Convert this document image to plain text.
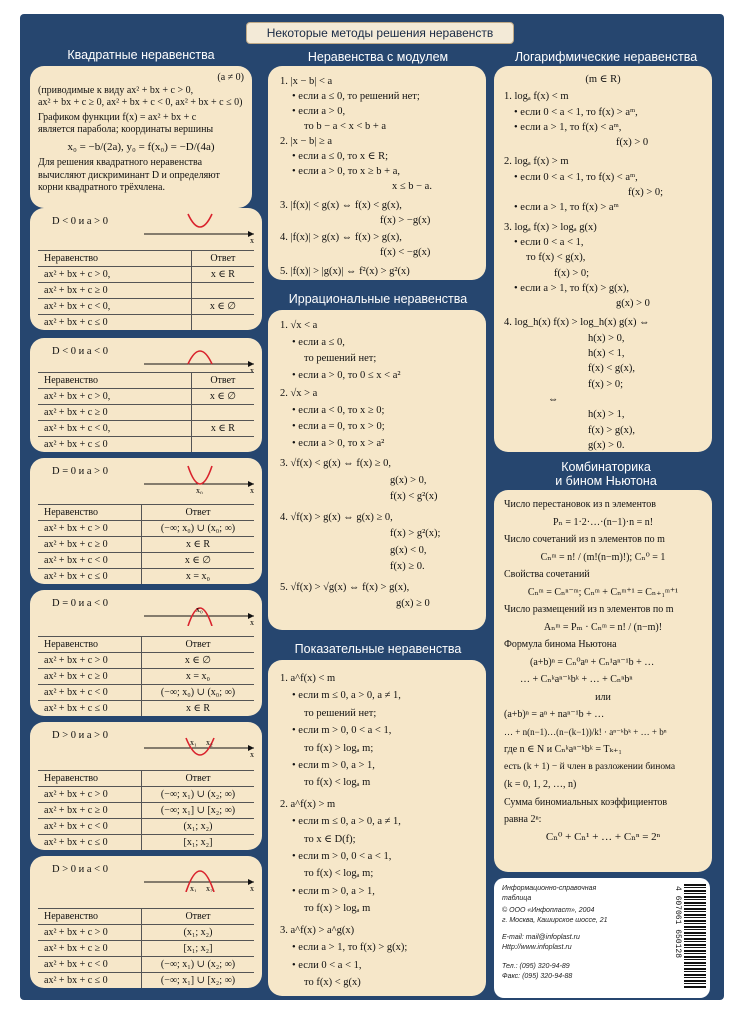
Некоторые методы решения неравенств
Квадратные неравенства
(a ≠ 0)
(приводимые к виду ax² + bx + c > 0,
ax² + bx + c ≥ 0, ax² + bx + c < 0, ax² + bx + c ≤ 0)
Графиком функции f(x) = ax² + bx + c
является парабола; координаты вершины
x₀ = −b/(2a), y₀ = f(x₀) = −D/(4a)
Для решения квадратного неравенства
вычисляют дискриминант D и определяют
корни квадратного трёхчлена.
D < 0 и a > 0
x
Неравенство	Ответ
ax² + bx + c > 0,	x ∈ R
ax² + bx + c ≥ 0	
ax² + bx + c < 0,	x ∈ ∅
ax² + bx + c ≤ 0	
D < 0 и a < 0
x
Неравенство	Ответ
ax² + bx + c > 0,	x ∈ ∅
ax² + bx + c ≥ 0	
ax² + bx + c < 0,	x ∈ R
ax² + bx + c ≤ 0	
D = 0 и a > 0
x
x₀
Неравенство	Ответ
ax² + bx + c > 0	(−∞; x₀) ∪ (x₀; ∞)
ax² + bx + c ≥ 0	x ∈ R
ax² + bx + c < 0	x ∈ ∅
ax² + bx + c ≤ 0	x = x₀
D = 0 и a < 0
x
x₀
Неравенство	Ответ
ax² + bx + c > 0	x ∈ ∅
ax² + bx + c ≥ 0	x = x₀
ax² + bx + c < 0	(−∞; x₀) ∪ (x₀; ∞)
ax² + bx + c ≤ 0	x ∈ R
D > 0 и a > 0
x
x₁ x₂
Неравенство	Ответ
ax² + bx + c > 0	(−∞; x₁) ∪ (x₂; ∞)
ax² + bx + c ≥ 0	(−∞; x₁] ∪ [x₂; ∞)
ax² + bx + c < 0	(x₁; x₂)
ax² + bx + c ≤ 0	[x₁; x₂]
D > 0 и a < 0
x
x₁ x₂
Неравенство	Ответ
ax² + bx + c > 0	(x₁; x₂)
ax² + bx + c ≥ 0	[x₁; x₂]
ax² + bx + c < 0	(−∞; x₁) ∪ (x₂; ∞)
ax² + bx + c ≤ 0	(−∞; x₁] ∪ [x₂; ∞)
Неравенства с модулем
1. |x − b| < a
• если a ≤ 0, то решений нет;
• если a > 0,
то b − a < x < b + a
2. |x − b| ≥ a
• если a ≤ 0, то x ∈ R;
• если a > 0, то x ≥ b + a,
x ≤ b − a.
3. |f(x)| < g(x) ⇔ f(x) < g(x),
f(x) > −g(x)
4. |f(x)| > g(x) ⇔ f(x) > g(x),
f(x) < −g(x)
5. |f(x)| > |g(x)| ⇔ f²(x) > g²(x)
Иррациональные неравенства
1. √x < a
• если a ≤ 0,
то решений нет;
• если a > 0, то 0 ≤ x < a²
2. √x > a
• если a < 0, то x ≥ 0;
• если a = 0, то x > 0;
• если a > 0, то x > a²
3. √f(x) < g(x) ⇔ f(x) ≥ 0,
g(x) > 0,
f(x) < g²(x)
4. √f(x) > g(x) ⇔ g(x) ≥ 0,
f(x) > g²(x);
g(x) < 0,
f(x) ≥ 0.
5. √f(x) > √g(x) ⇔ f(x) > g(x),
g(x) ≥ 0
Показательные неравенства
1. a^f(x) < m
• если m ≤ 0, a > 0, a ≠ 1,
то решений нет;
• если m > 0, 0 < a < 1,
то f(x) > logₐ m;
• если m > 0, a > 1,
то f(x) < logₐ m
2. a^f(x) > m
• если m ≤ 0, a > 0, a ≠ 1,
то x ∈ D(f);
• если m > 0, 0 < a < 1,
то f(x) < logₐ m;
• если m > 0, a > 1,
то f(x) > logₐ m
3. a^f(x) > a^g(x)
• если a > 1, то f(x) > g(x);
• если 0 < a < 1,
то f(x) < g(x)
Логарифмические неравенства
(m ∈ R)
1. logₐ f(x) < m
• если 0 < a < 1, то f(x) > aᵐ,
• если a > 1, то f(x) < aᵐ,
f(x) > 0
2. logₐ f(x) > m
• если 0 < a < 1, то f(x) < aᵐ,
f(x) > 0;
• если a > 1, то f(x) > aᵐ
3. logₐ f(x) > logₐ g(x)
• если 0 < a < 1,
то f(x) < g(x),
f(x) > 0;
• если a > 1, то f(x) > g(x),
g(x) > 0
4. log_h(x) f(x) > log_h(x) g(x) ⇔
h(x) > 0,
h(x) < 1,
f(x) < g(x),
f(x) > 0;
⇔
h(x) > 1,
f(x) > g(x),
g(x) > 0.
Комбинаторика
и бином Ньютона
Число перестановок из n элементов
Pₙ = 1·2·…·(n−1)·n = n!
Число сочетаний из n элементов по m
Cₙᵐ = n! / (m!(n−m)!); Cₙ⁰ = 1
Свойства сочетаний
Cₙᵐ = Cₙⁿ⁻ᵐ; Cₙᵐ + Cₙᵐ⁺¹ = Cₙ₊₁ᵐ⁺¹
Число размещений из n элементов по m
Aₙᵐ = Pₘ · Cₙᵐ = n! / (n−m)!
Формула бинома Ньютона
(a+b)ⁿ = Cₙ⁰aⁿ + Cₙ¹aⁿ⁻¹b + …
… + Cₙᵏaⁿ⁻ᵏbᵏ + … + Cₙⁿbⁿ
или
(a+b)ⁿ = aⁿ + naⁿ⁻¹b + …
… + n(n−1)…(n−(k−1))/k! · aⁿ⁻ᵏbᵏ + … + bⁿ
где n ∈ N и Cₙᵏaⁿ⁻ᵏbᵏ = Tₖ₊₁
есть (k + 1) − й член в разложении бинома
(k = 0, 1, 2, …, n)
Сумма биномиальных коэффициентов
равна 2ⁿ:
Cₙ⁰ + Cₙ¹ + … + Cₙⁿ = 2ⁿ
Информационно-справочная
таблица
© ООО «Инфопласт», 2004
г. Москва, Каширское шоссе, 21
E-mail: mail@infoplast.ru
Http://www.infoplast.ru
Тел.: (095) 320-94-89
Факс: (095) 320-94-88
4 607061 650128
